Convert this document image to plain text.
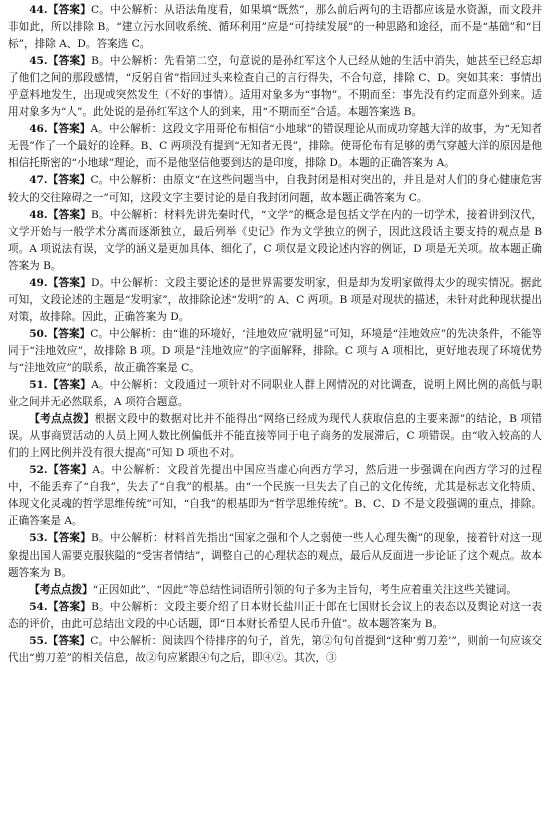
44.【答案】C。中公解析：从语法角度看，如果填“既然”，那么前后两句的主语都应该是水资源，而文段并非如此，所以排除 B。“建立污水回收系统、循环利用”应是“可持续发展”的一种思路和途径，而不是“基础”和“目标”，排除 A、D。答案选 C。

45.【答案】B。中公解析：先看第二空，句意说的是孙红军这个人已经从她的生活中消失，她甚至已经忘却了他们之间的那段感情，“反躬自省”指回过头来检查自己的言行得失，不合句意，排除 C、D。突如其来：事情出乎意料地发生，出现或突然发生（不好的事情）。适用对象多为“事物”。不期而至：事先没有约定而意外到来。适用对象多为“人”。此处说的是孙红军这个人的到来，用“不期而至”合适。本题答案选 B。

46.【答案】A。中公解析：这段文字用哥伦布相信“小地球”的错误理论从而成功穿越大洋的故事，为“无知者无畏”作了一个最好的诠释。B、C 两项没有提到“无知者无畏”，排除。使哥伦布有足够的勇气穿越大洋的原因是他相信托斯密的“小地球”理论，而不是他坚信他要到达的是印度，排除 D。本题的正确答案为 A。

47.【答案】C。中公解析：由原文“在这些问题当中，自我封闭是相对突出的，并且是对人们的身心健康危害较大的交往障碍之一”可知，这段文字主要讨论的是自我封闭问题，故本题正确答案为 C。

48.【答案】B。中公解析：材料先讲先秦时代，“文学”的概念是包括文学在内的一切学术，接着讲到汉代，文学开始与一般学术分离而逐渐独立，最后列举《史记》作为文学独立的例子，因此这段话主要支持的观点是 B 项。A 项说法有误，文学的涵义是更加具体、细化了，C 项仅是文段论述内容的例证，D 项是无关项。故本题正确答案为 B。

49.【答案】D。中公解析：文段主要论述的是世界需要发明家，但是却为发明家做得太少的现实情况。据此可知，文段论述的主题是“发明家”，故排除论述“发明”的 A、C 两项。B 项是对现状的描述，未针对此种现状提出对策，故排除。因此，正确答案为 D。

50.【答案】C。中公解析：由“谁的环境好，‘洼地效应’就明显”可知，环境是“洼地效应”的先决条件，不能等同于“洼地效应”，故排除 B 项。D 项是“洼地效应”的字面解释，排除。C 项与 A 项相比，更好地表现了环境优势与“洼地效应”的联系，故正确答案是 C。

51.【答案】A。中公解析：文段通过一项针对不同职业人群上网情况的对比调查，说明上网比例的高低与职业之间并无必然联系，A 项符合题意。

【考点点拨】根据文段中的数据对比并不能得出“网络已经成为现代人获取信息的主要来源”的结论，B 项错误。从事商贸活动的人员上网人数比例偏低并不能直接等同于电子商务的发展滞后，C 项错误。由“收入较高的人们的上网比例并没有很大提高”可知 D 项也不对。

52.【答案】A。中公解析：文段首先提出中国应当虚心向西方学习，然后进一步强调在向西方学习的过程中，不能丢弃了“自我”，失去了“自我”的根基。由“一个民族一旦失去了自己的文化传统，尤其是标志文化特质、体现文化灵魂的哲学思维传统”可知，“自我”的根基即为“哲学思维传统”。B、C、D 不是文段强调的重点，排除。正确答案是 A。

53.【答案】B。中公解析：材料首先指出“国家之强和个人之弱使一些人心理失衡”的现象，接着针对这一现象提出国人需要克服狭隘的“受害者情结”，调整自己的心理状态的观点，最后从反面进一步论证了这个观点。故本题答案为 B。

【考点点拨】“正因如此”、“因此”等总结性词语所引领的句子多为主旨句，考生应着重关注这些关键词。

54.【答案】B。中公解析：文段主要介绍了日本财长盐川正十郎在七国财长会议上的表态以及舆论对这一表态的评价，由此可总结出文段的中心话题，即“日本财长希望人民币升值”。故本题答案为 B。

55.【答案】C。中公解析：阅读四个待排序的句子，首先，第②句句首提到“这种‘剪刀差’”，则前一句应该交代出“剪刀差”的相关信息，故②句应紧跟④句之后，即④②。其次，③
